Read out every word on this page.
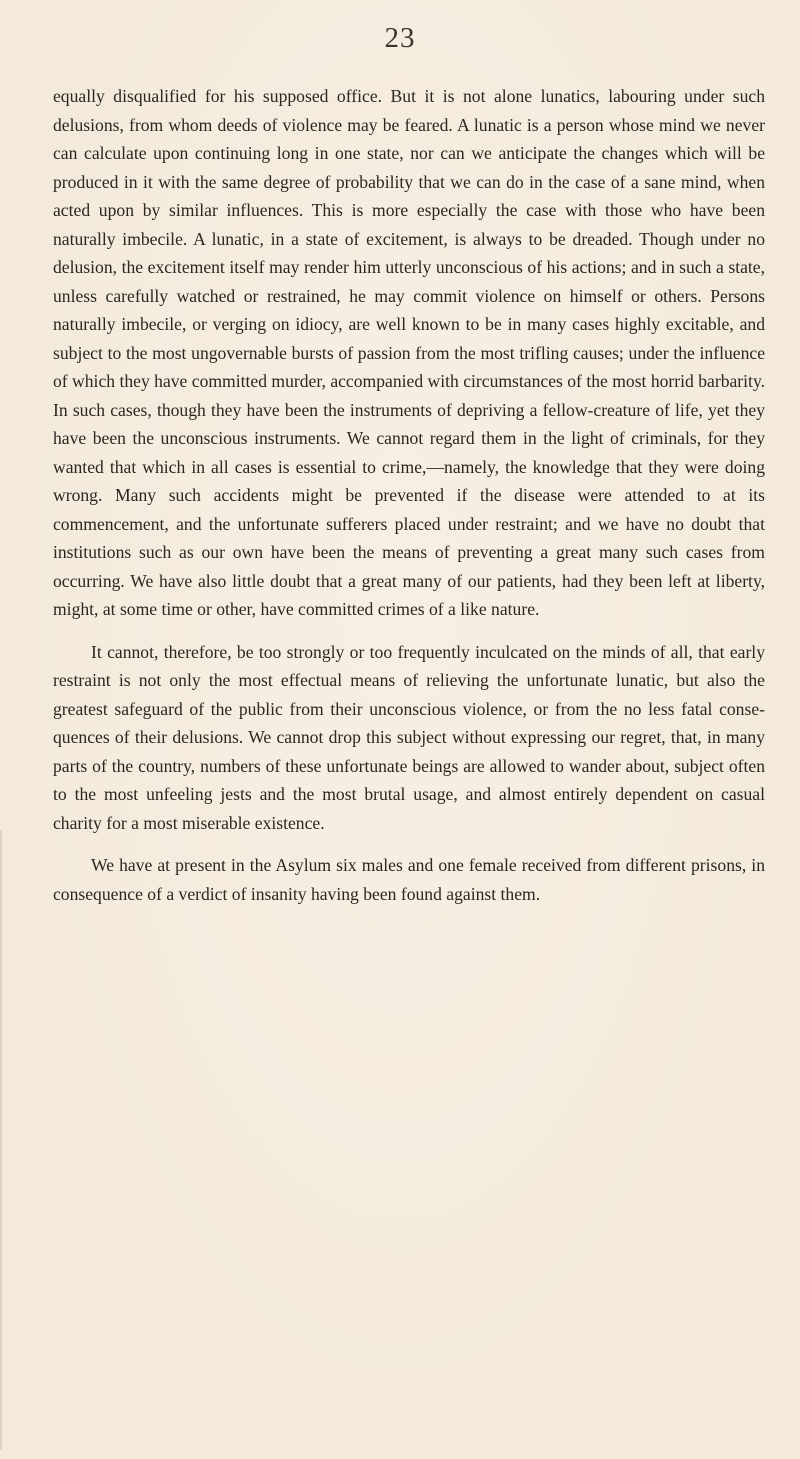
23

equally disqualified for his supposed office. But it is not alone lunatics, labouring under such delusions, from whom deeds of violence may be feared. A lunatic is a person whose mind we never can calculate upon continuing long in one state, nor can we anticipate the changes which will be produced in it with the same degree of probability that we can do in the case of a sane mind, when acted upon by similar influences. This is more especially the case with those who have been naturally imbecile. A lunatic, in a state of excitement, is always to be dreaded. Though under no delusion, the excitement itself may render him utterly unconscious of his actions; and in such a state, unless carefully watched or restrained, he may commit violence on himself or others. Persons naturally imbecile, or verging on idiocy, are well known to be in many cases highly excitable, and subject to the most ungovernable bursts of passion from the most trifling causes; under the influence of which they have committed murder, accompanied with circumstances of the most horrid barbarity. In such cases, though they have been the instruments of depriving a fellow-creature of life, yet they have been the unconscious instruments. We cannot regard them in the light of criminals, for they wanted that which in all cases is essential to crime,—namely, the knowledge that they were doing wrong. Many such accidents might be prevented if the disease were attended to at its commencement, and the unfortunate sufferers placed under restraint; and we have no doubt that institutions such as our own have been the means of preventing a great many such cases from occurring. We have also little doubt that a great many of our patients, had they been left at liberty, might, at some time or other, have committed crimes of a like nature.

It cannot, therefore, be too strongly or too frequently inculcated on the minds of all, that early restraint is not only the most effectual means of relieving the unfortunate lunatic, but also the greatest safeguard of the public from their unconscious violence, or from the no less fatal consequences of their delusions. We cannot drop this subject without expressing our regret, that, in many parts of the country, numbers of these unfortunate beings are allowed to wander about, subject often to the most unfeeling jests and the most brutal usage, and almost entirely dependent on casual charity for a most miserable existence.

We have at present in the Asylum six males and one female received from different prisons, in consequence of a verdict of insanity having been found against them.
